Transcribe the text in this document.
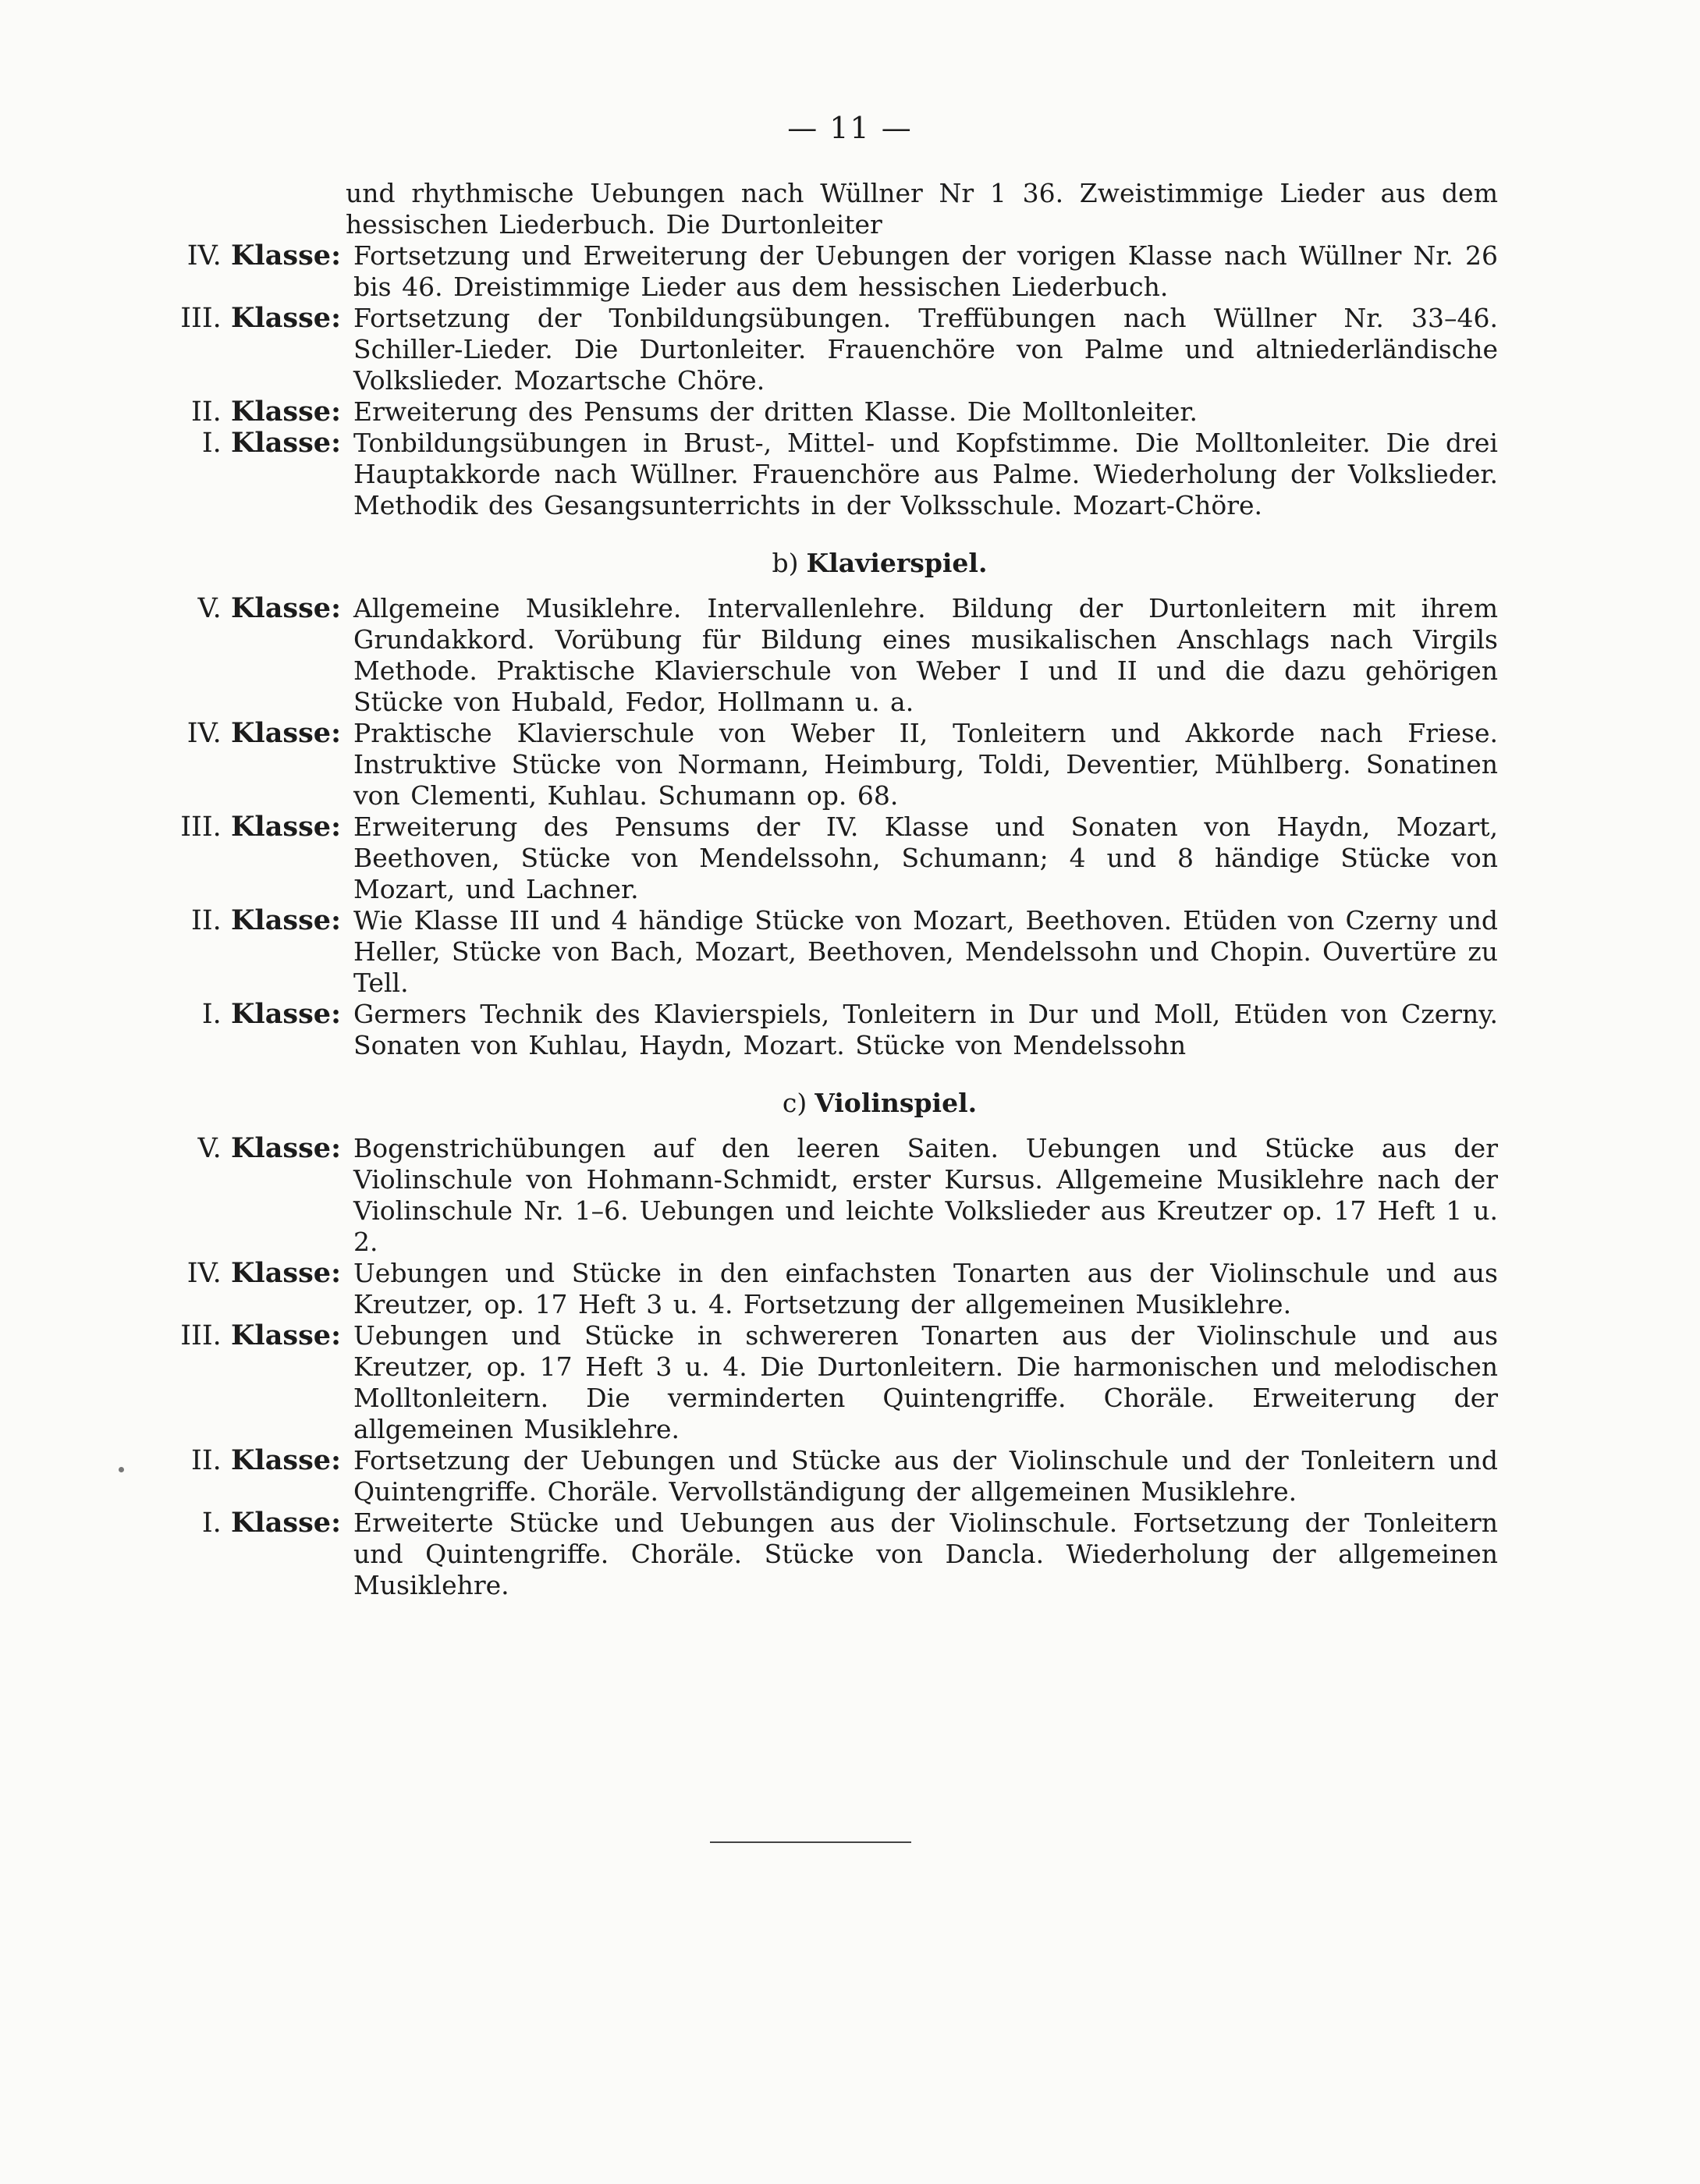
— 11 —
und rhythmische Uebungen nach Wüllner Nr 1 36. Zweistimmige Lieder aus dem hessischen Liederbuch. Die Durtonleiter
IV. Klasse: Fortsetzung und Erweiterung der Uebungen der vorigen Klasse nach Wüllner Nr. 26 bis 46. Dreistimmige Lieder aus dem hessischen Liederbuch.
III. Klasse: Fortsetzung der Tonbildungsübungen. Treffübungen nach Wüllner Nr. 33–46. Schiller-Lieder. Die Durtonleiter. Frauenchöre von Palme und altniederländische Volkslieder. Mozartsche Chöre.
II. Klasse: Erweiterung des Pensums der dritten Klasse. Die Molltonleiter.
I. Klasse: Tonbildungsübungen in Brust-, Mittel- und Kopfstimme. Die Molltonleiter. Die drei Hauptakkorde nach Wüllner. Frauenchöre aus Palme. Wiederholung der Volkslieder. Methodik des Gesangsunterrichts in der Volksschule. Mozart-Chöre.
b) Klavierspiel.
V. Klasse: Allgemeine Musiklehre. Intervallenlehre. Bildung der Durtonleitern mit ihrem Grundakkord. Vorübung für Bildung eines musikalischen Anschlags nach Virgils Methode. Praktische Klavierschule von Weber I und II und die dazu gehörigen Stücke von Hubald, Fedor, Hollmann u. a.
IV. Klasse: Praktische Klavierschule von Weber II, Tonleitern und Akkorde nach Friese. Instruktive Stücke von Normann, Heimburg, Toldi, Deventier, Mühlberg. Sonatinen von Clementi, Kuhlau. Schumann op. 68.
III. Klasse: Erweiterung des Pensums der IV. Klasse und Sonaten von Haydn, Mozart, Beethoven, Stücke von Mendelssohn, Schumann; 4 und 8 händige Stücke von Mozart, und Lachner.
II. Klasse: Wie Klasse III und 4 händige Stücke von Mozart, Beethoven. Etüden von Czerny und Heller, Stücke von Bach, Mozart, Beethoven, Mendelssohn und Chopin. Ouvertüre zu Tell.
I. Klasse: Germers Technik des Klavierspiels, Tonleitern in Dur und Moll, Etüden von Czerny. Sonaten von Kuhlau, Haydn, Mozart. Stücke von Mendelssohn
c) Violinspiel.
V. Klasse: Bogenstrichübungen auf den leeren Saiten. Uebungen und Stücke aus der Violinschule von Hohmann-Schmidt, erster Kursus. Allgemeine Musiklehre nach der Violinschule Nr. 1–6. Uebungen und leichte Volkslieder aus Kreutzer op. 17 Heft 1 u. 2.
IV. Klasse: Uebungen und Stücke in den einfachsten Tonarten aus der Violinschule und aus Kreutzer, op. 17 Heft 3 u. 4. Fortsetzung der allgemeinen Musiklehre.
III. Klasse: Uebungen und Stücke in schwereren Tonarten aus der Violinschule und aus Kreutzer, op. 17 Heft 3 u. 4. Die Durtonleitern. Die harmonischen und melodischen Molltonleitern. Die verminderten Quintengriffe. Choräle. Erweiterung der allgemeinen Musiklehre.
II. Klasse: Fortsetzung der Uebungen und Stücke aus der Violinschule und der Tonleitern und Quintengriffe. Choräle. Vervollständigung der allgemeinen Musiklehre.
I. Klasse: Erweiterte Stücke und Uebungen aus der Violinschule. Fortsetzung der Tonleitern und Quintengriffe. Choräle. Stücke von Dancla. Wiederholung der allgemeinen Musiklehre.
